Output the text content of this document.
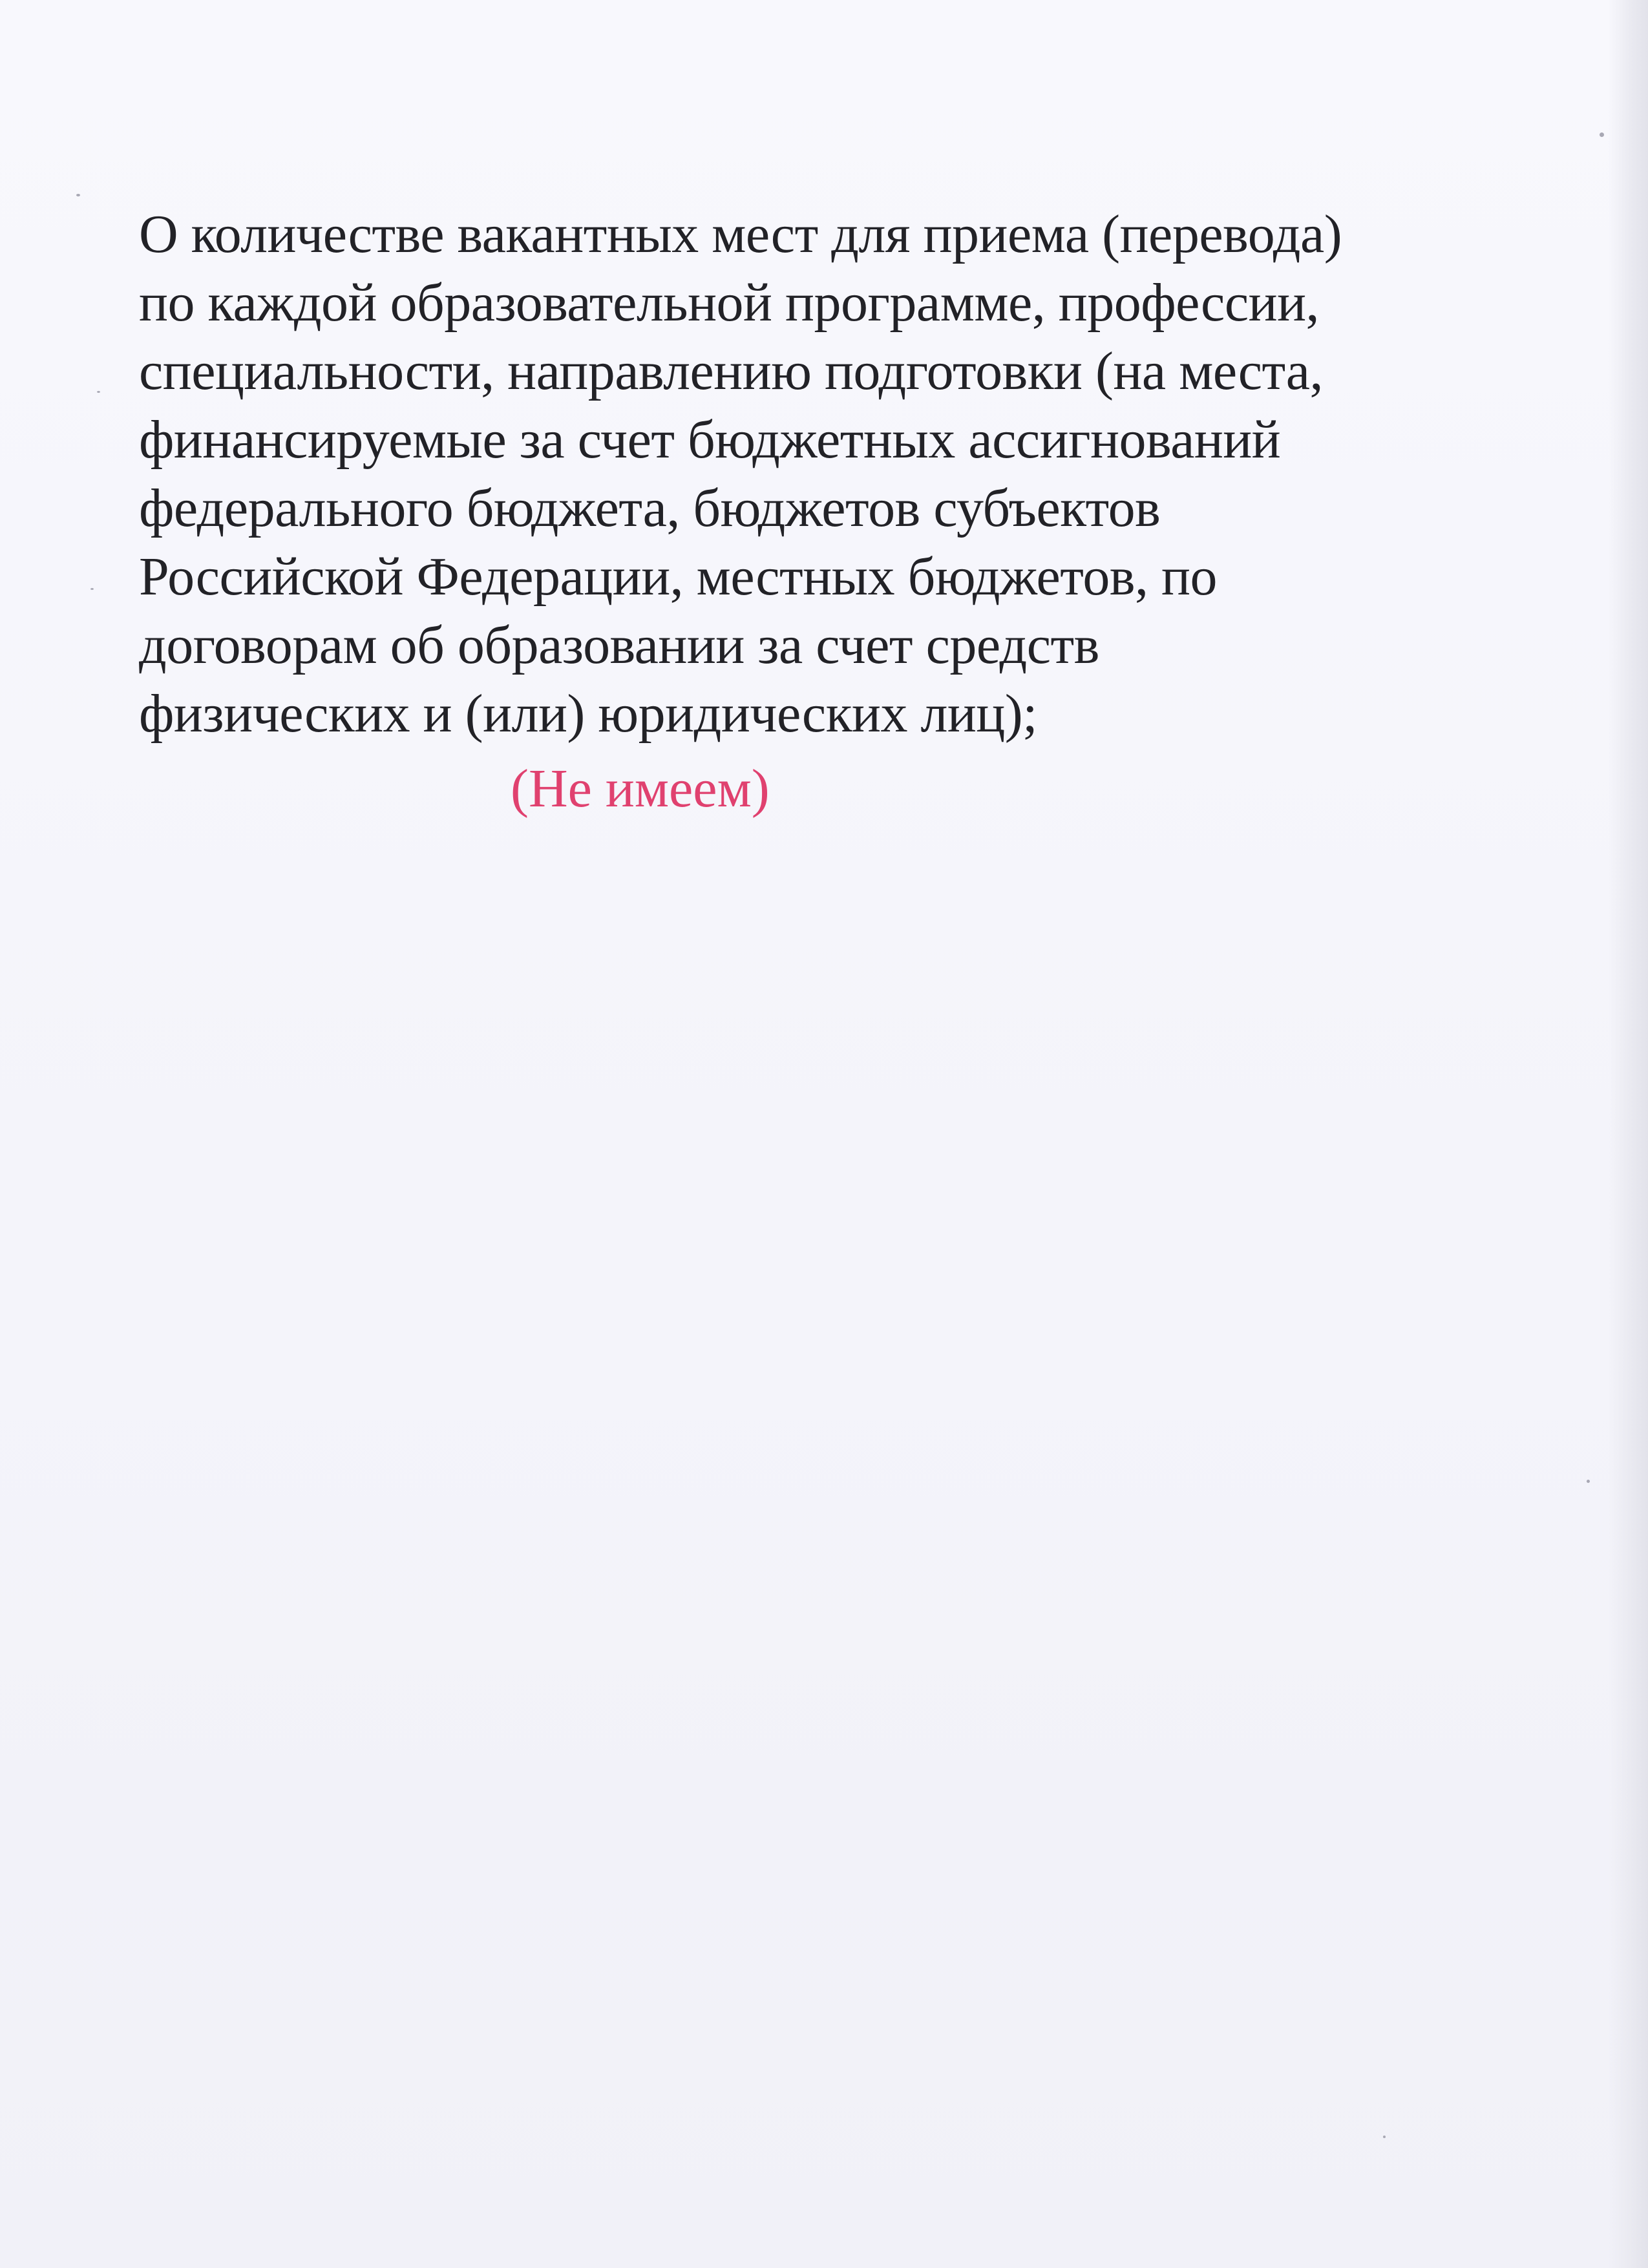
О количестве вакантных мест для приема (перевода)
по каждой образовательной программе, профессии,
специальности, направлению подготовки (на места,
финансируемые за счет бюджетных ассигнований
федерального бюджета, бюджетов субъектов
Российской Федерации, местных бюджетов, по
договорам об образовании за счет средств
физических и (или) юридических лиц);
(Не имеем)
